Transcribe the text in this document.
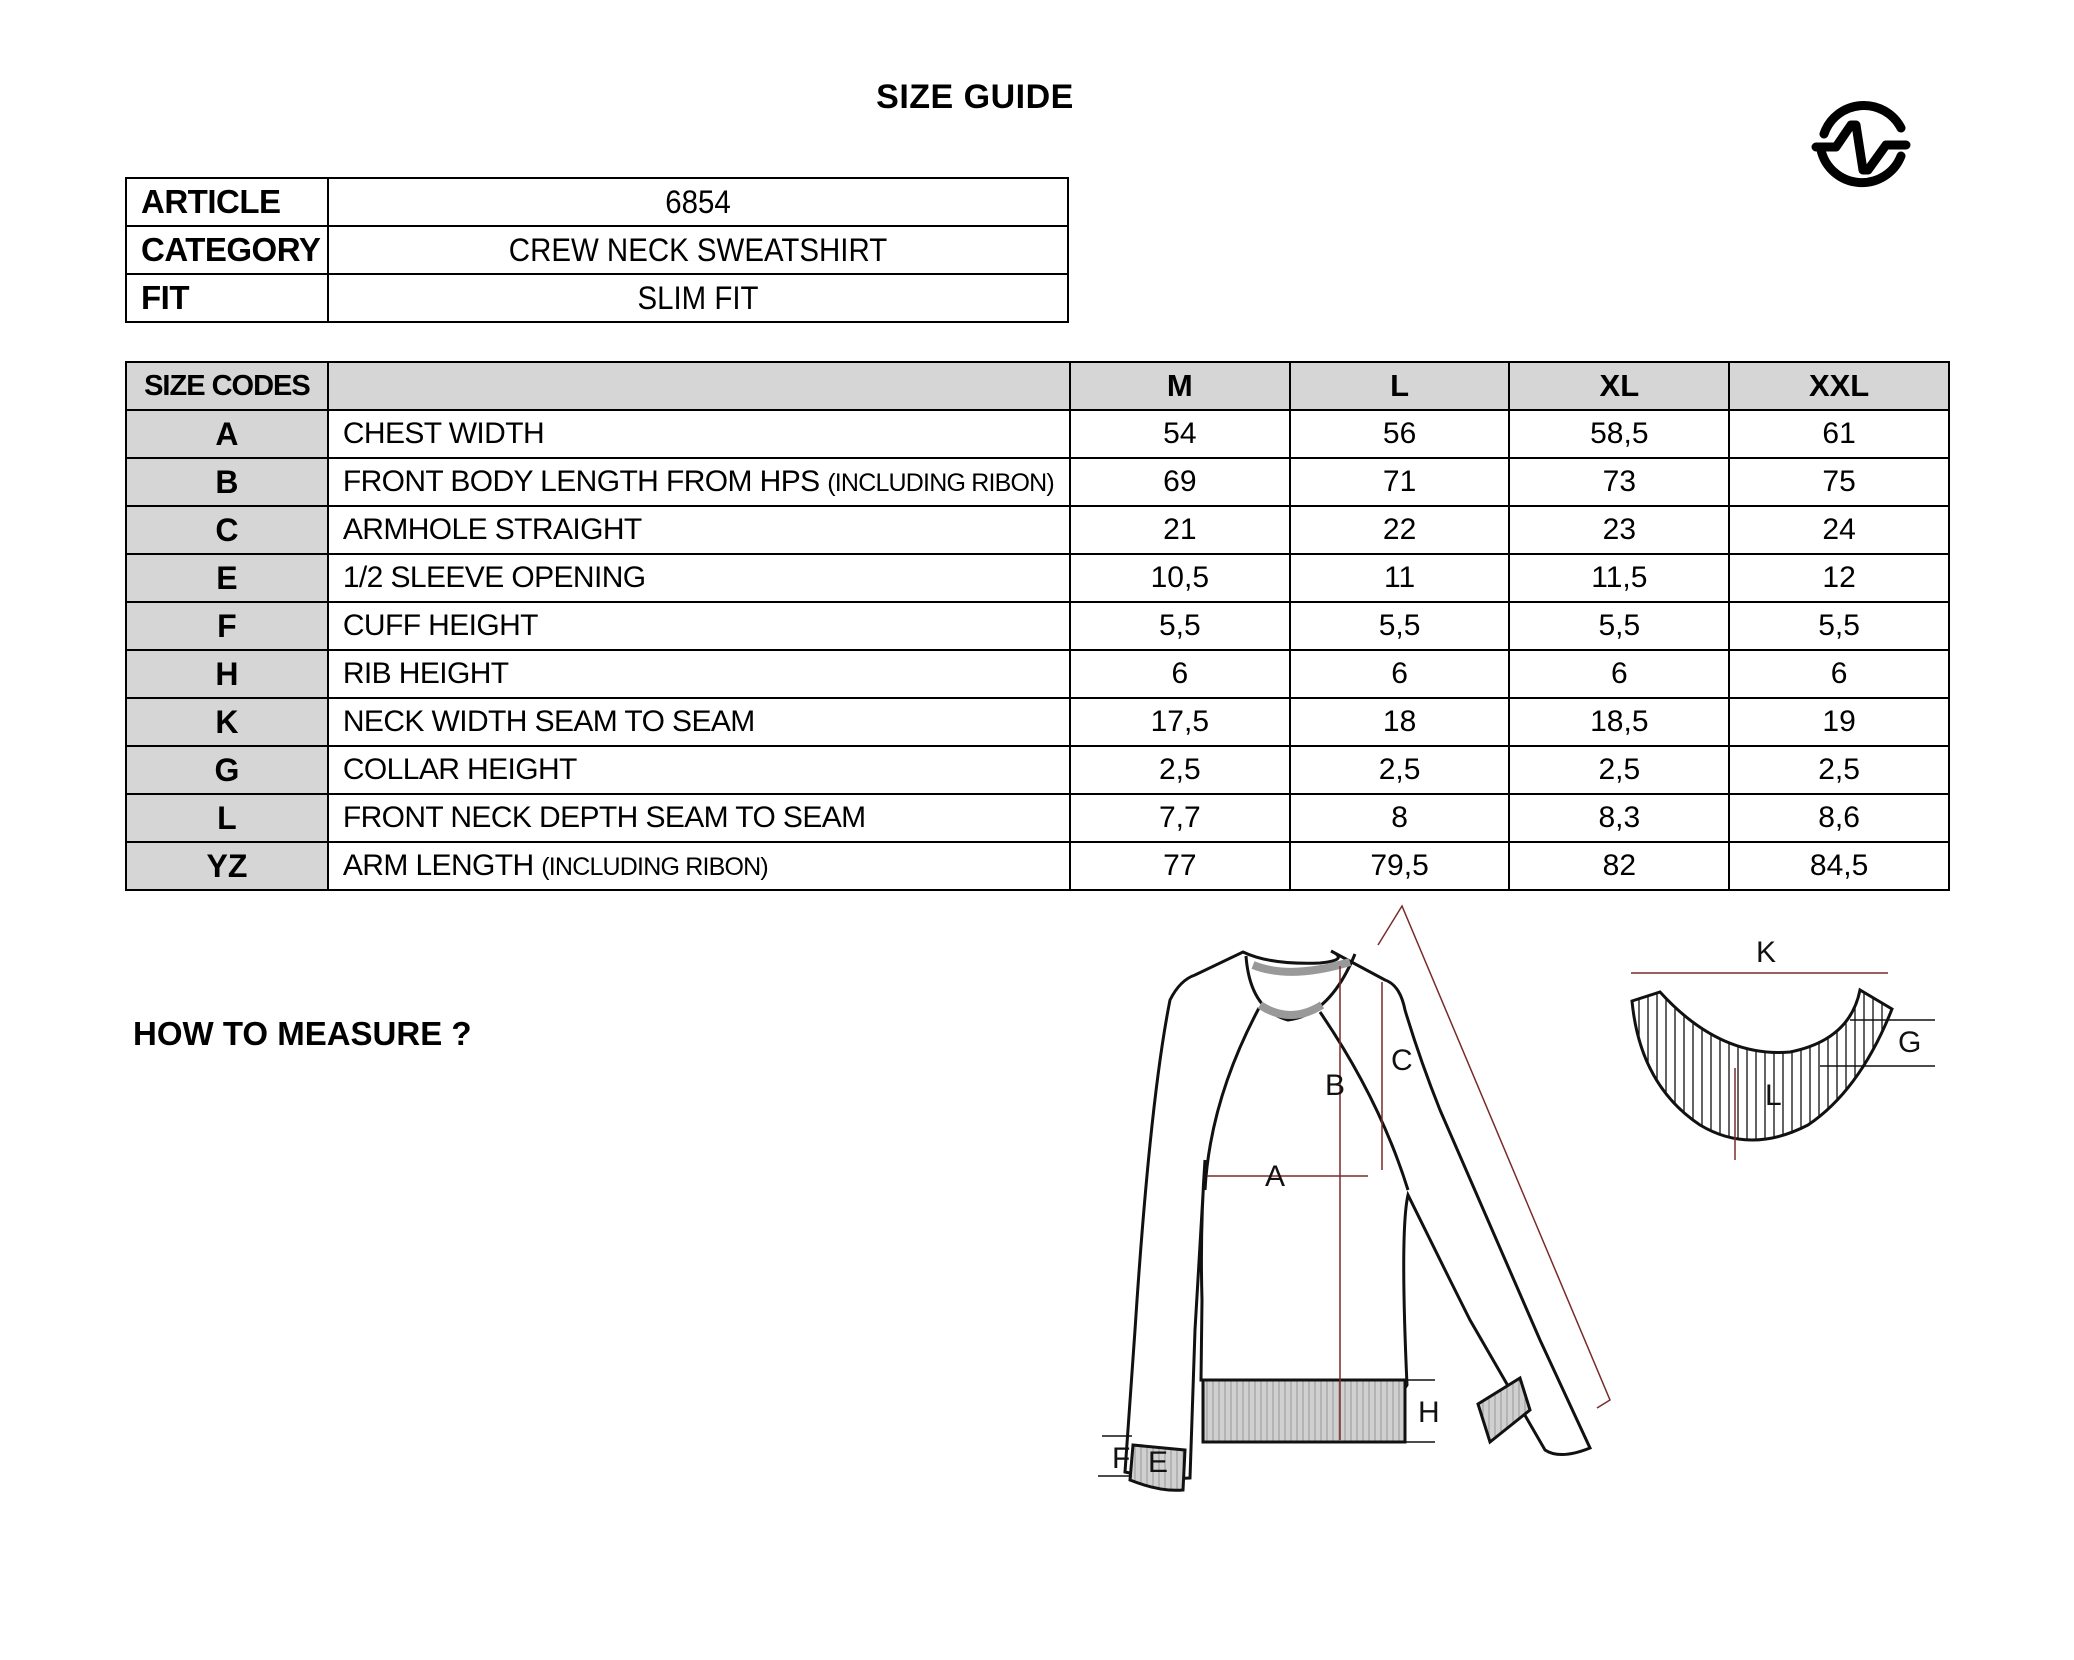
SIZE GUIDE
ARTICLE	6854
CATEGORY	CREW NECK SWEATSHIRT
FIT	SLIM FIT
SIZE CODES		M	L	XL	XXL
A	CHEST WIDTH	54	56	58,5	61
B	FRONT BODY LENGTH FROM HPS (INCLUDING RIBON)	69	71	73	75
C	ARMHOLE STRAIGHT	21	22	23	24
E	1/2 SLEEVE OPENING	10,5	11	11,5	12
F	CUFF HEIGHT	5,5	5,5	5,5	5,5
H	RIB HEIGHT	6	6	6	6
K	NECK WIDTH SEAM TO SEAM	17,5	18	18,5	19
G	COLLAR HEIGHT	2,5	2,5	2,5	2,5
L	FRONT NECK DEPTH SEAM TO SEAM	7,7	8	8,3	8,6
YZ	ARM LENGTH (INCLUDING RIBON)	77	79,5	82	84,5
HOW TO MEASURE ?
A
B
C
H
F E
K
G
L
